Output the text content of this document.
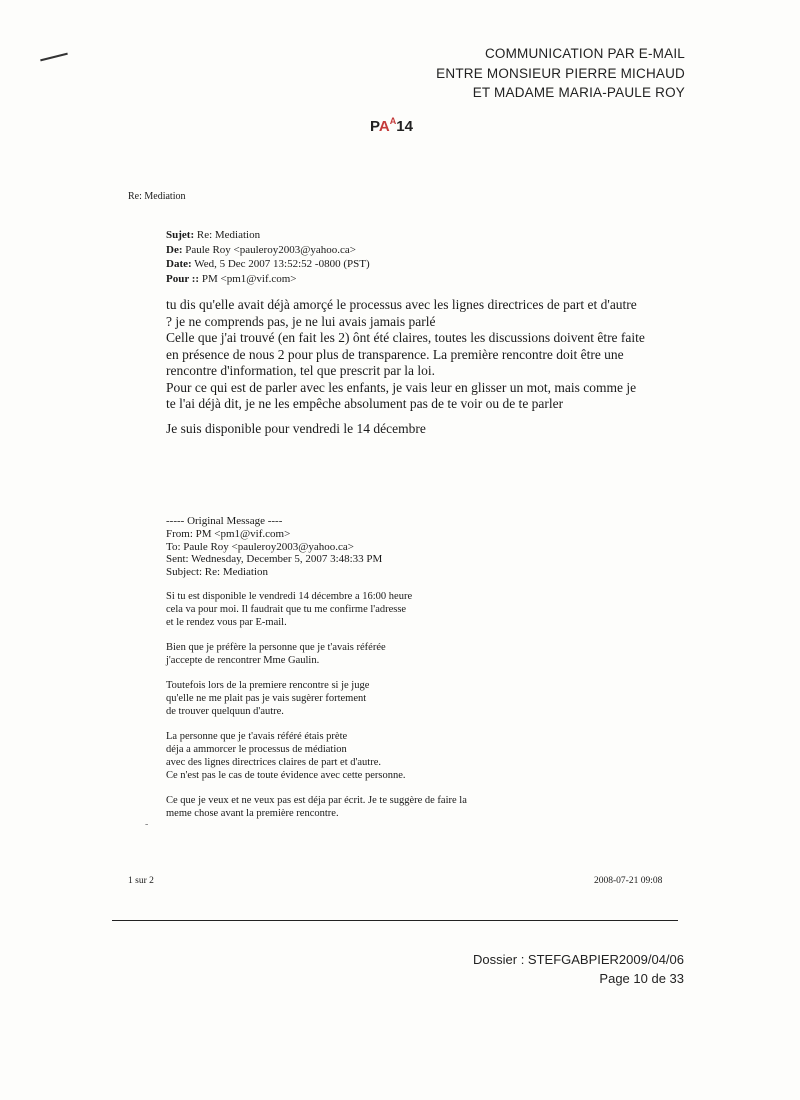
COMMUNICATION PAR E-MAIL
ENTRE MONSIEUR PIERRE MICHAUD
ET MADAME MARIA-PAULE ROY
$PA^A14$
Re: Mediation
Sujet: Re: Mediation
De: Paule Roy <pauleroy2003@yahoo.ca>
Date: Wed, 5 Dec 2007 13:52:52 -0800 (PST)
Pour :: PM <pm1@vif.com>
tu dis qu'elle avait déjà amorçé le processus avec les lignes directrices de part et d'autre
? je ne comprends pas, je ne lui avais jamais parlé
Celle que j'ai trouvé (en fait les 2) ônt été claires, toutes les discussions doivent être faite
en présence de nous 2 pour plus de transparence. La première rencontre doit être une
rencontre d'information, tel que prescrit par la loi.
Pour ce qui est de parler avec les enfants, je vais leur en glisser un mot, mais comme je
te l'ai déjà dit, je ne les empêche absolument pas de te voir ou de te parler
Je suis disponible pour vendredi le 14 décembre
----- Original Message ----
From: PM <pm1@vif.com>
To: Paule Roy <pauleroy2003@yahoo.ca>
Sent: Wednesday, December 5, 2007 3:48:33 PM
Subject: Re: Mediation

Si tu est disponible le vendredi 14 décembre a 16:00 heure
cela va pour moi. Il faudrait que tu me confirme l'adresse
et le rendez vous par E-mail.

Bien que je préfère la personne que je t'avais référée
j'accepte de rencontrer Mme Gaulin.

Toutefois lors de la premiere rencontre si je juge
qu'elle ne me plait pas je vais sugèrer fortement
de trouver quelquun d'autre.

La personne que je t'avais référé étais prète
déja a ammorcer le processus de médiation
avec des lignes directrices claires de part et d'autre.
Ce n'est pas le cas de toute évidence avec cette personne.

Ce que je veux et ne veux pas est déja par écrit. Je te suggère de faire la
meme chose avant la première rencontre.

-
1 sur 2	2008-07-21 09:08
Dossier : STEFGABPIER2009/04/06
Page 10 de 33
